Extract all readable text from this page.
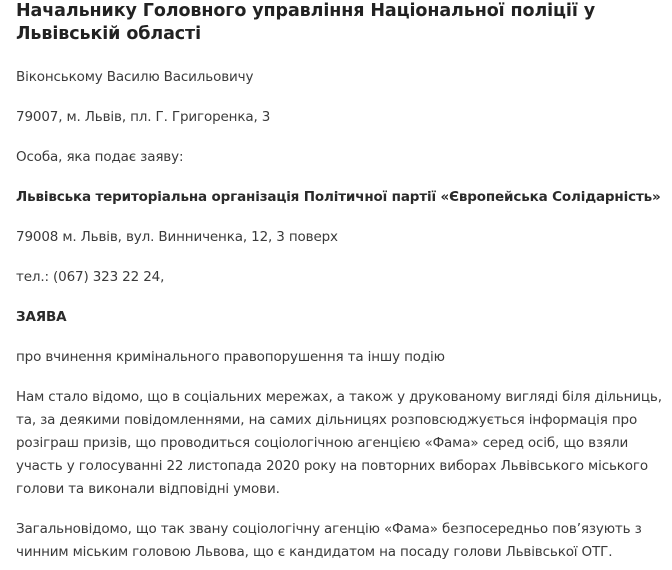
Начальнику Головного управління Національної поліції у Львівській області

Віконському Василю Васильовичу

79007, м. Львів, пл. Г. Григоренка, 3

Особа, яка подає заяву:

Львівська територіальна організація Політичної партії «Європейська Солідарність»

79008 м. Львів, вул. Винниченка, 12, 3 поверх

тел.: (067) 323 22 24,

ЗАЯВА

про вчинення кримінального правопорушення та іншу подію

Нам стало відомо, що в соціальних мережах, а також у друкованому вигляді біля дільниць, та, за деякими повідомленнями, на самих дільницях розповсюджується інформація про розіграш призів, що проводиться соціологічною агенцією «Фама» серед осіб, що взяли участь у голосуванні 22 листопада 2020 року на повторних виборах Львівського міського голови та виконали відповідні умови.

Загальновідомо, що так звану соціологічну агенцію «Фама» безпосередньо пов’язують з чинним міським головою Львова, що є кандидатом на посаду голови Львівської ОТГ.
